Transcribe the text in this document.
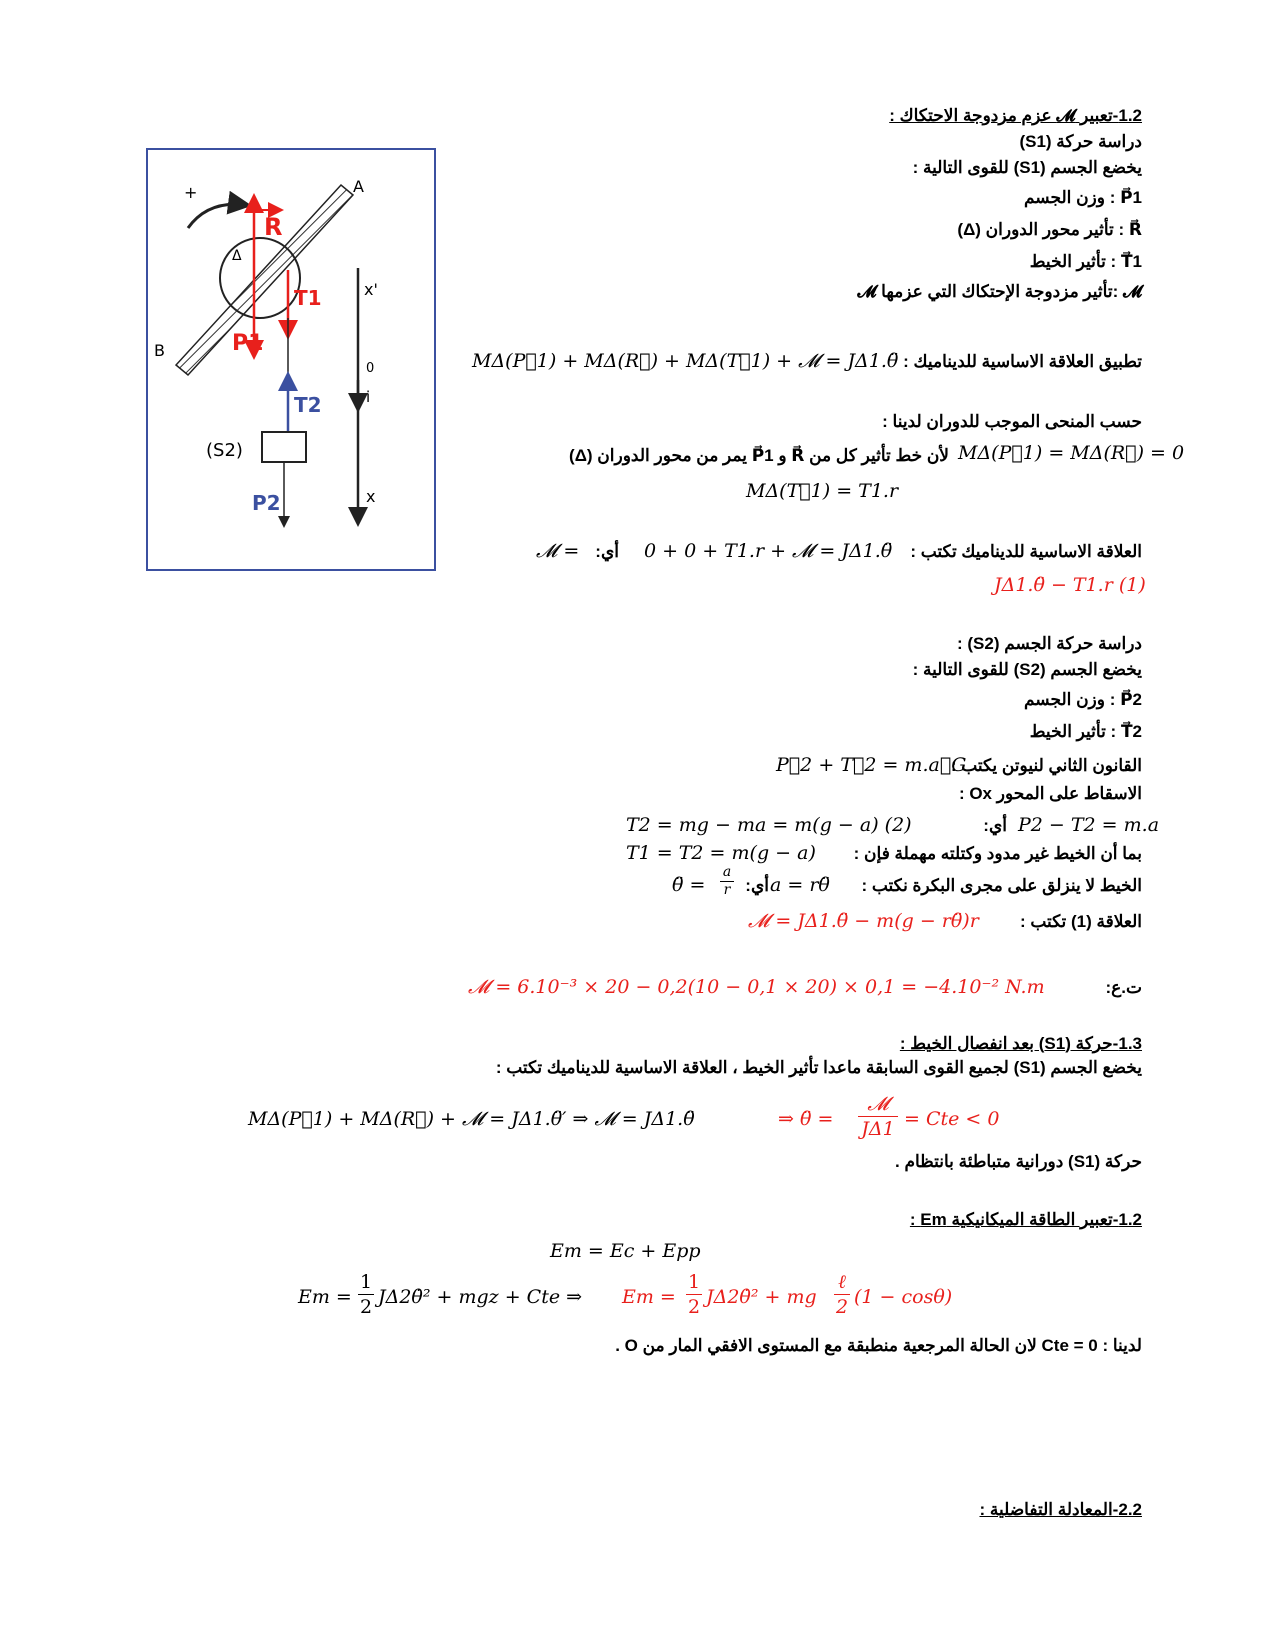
+	A
B
Δ
R
P1
T1
T2
(S2)
P2
x'
0
i
x
1.2-تعبير 𝓜 عزم مزدوجة الاحتكاك :
دراسة حركة (S1)
يخضع الجسم (S1) للقوى التالية :
P⃗1 : وزن الجسم
R⃗ : تأثير محور الدوران (Δ)
T⃗1 : تأثير الخيط
𝓜 :تأثير مزدوجة الإحتكاك التي عزمها 𝓜
تطبيق العلاقة الاساسية للديناميك :
MΔ(P⃗1) + MΔ(R⃗) + MΔ(T⃗1) + 𝓜 = JΔ1.θ̈
حسب المنحى الموجب للدوران لدينا :
لأن خط تأثير كل من R⃗ و P⃗1 يمر من محور الدوران (Δ) MΔ(P⃗1) = MΔ(R⃗) = 0
MΔ(T⃗1) = T1.r
العلاقة الاساسية للديناميك تكتب :
0 + 0 + T1.r + 𝓜 = JΔ1.θ̈
أي:
𝓜 =
JΔ1.θ̈ − T1.r (1)
دراسة حركة الجسم (S2) :
يخضع الجسم (S2) للقوى التالية :
P⃗2 : وزن الجسم
T⃗2 : تأثير الخيط
القانون الثاني لنيوتن يكتب :
P⃗2 + T⃗2 = m.a⃗G
الاسقاط على المحور Ox :
P2 − T2 = m.a
أي:
T2 = mg − ma = m(g − a) (2)
بما أن الخيط غير مدود وكتلته مهملة فإن :
T1 = T2 = m(g − a)
الخيط لا ينزلق على مجرى البكرة نكتب :
a = rθ̈
أي:
θ̈ = $\frac{a}{r}$
العلاقة (1) تكتب :
𝓜 = JΔ1.θ̈ − m(g − rθ̈)r
ت.ع:
𝓜 = 6.10⁻³ × 20 − 0,2(10 − 0,1 × 20) × 0,1 = −4.10⁻² N.m
1.3-حركة (S1) بعد انفصال الخيط :
يخضع الجسم (S1) لجميع القوى السابقة ماعدا تأثير الخيط ، العلاقة الاساسية للديناميك تكتب :
MΔ(P⃗1) + MΔ(R⃗) + 𝓜 = JΔ1.θ̈′ ⇒ 𝓜 = JΔ1.θ̈	⇒ θ̈ =
𝓜
JΔ1 = Cte < 0
حركة (S1) دورانية متباطئة بانتظام .
1.2-تعبير الطاقة الميكانيكية Em :
Em = Ec + Epp
$Em = \frac{1}{2}$ JΔ2θ̇² + mgz + Cte ⇒ $Em = \frac{1}{2}$ JΔ2θ̇² + mg
ℓ
2 (1 − cosθ)
لدينا : Cte = 0 لان الحالة المرجعية منطبقة مع المستوى الافقي المار من O .
2.2-المعادلة التفاضلية :
